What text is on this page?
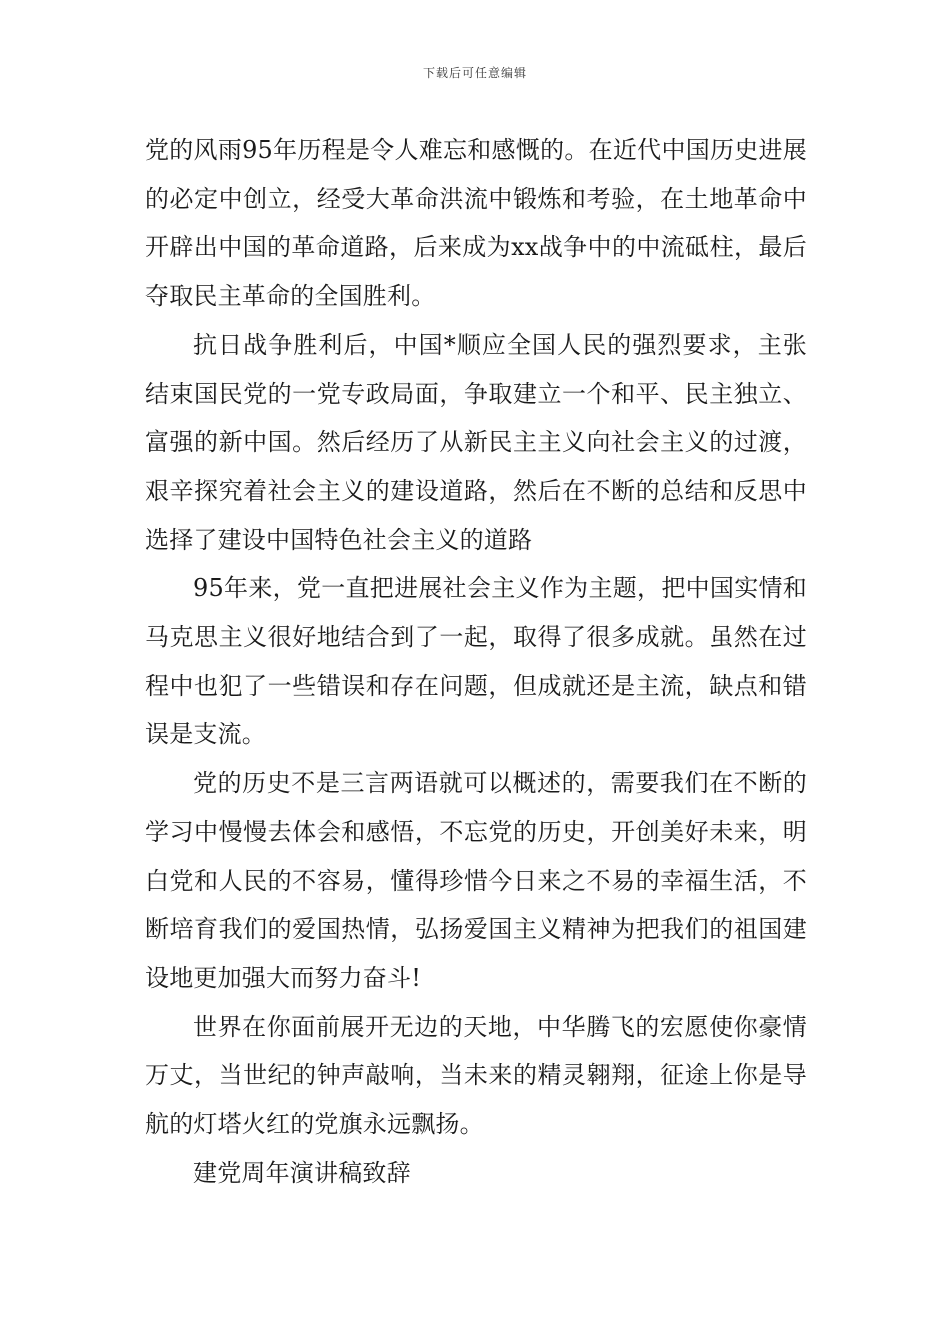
下载后可任意编辑

党的风雨95年历程是令人难忘和感慨的。在近代中国历史进展的必定中创立，经受大革命洪流中锻炼和考验，在土地革命中开辟出中国的革命道路，后来成为xx战争中的中流砥柱，最后夺取民主革命的全国胜利。

抗日战争胜利后，中国*顺应全国人民的强烈要求，主张结束国民党的一党专政局面，争取建立一个和平、民主独立、富强的新中国。然后经历了从新民主主义向社会主义的过渡，艰辛探究着社会主义的建设道路，然后在不断的总结和反思中选择了建设中国特色社会主义的道路

95年来，党一直把进展社会主义作为主题，把中国实情和马克思主义很好地结合到了一起，取得了很多成就。虽然在过程中也犯了一些错误和存在问题，但成就还是主流，缺点和错误是支流。

党的历史不是三言两语就可以概述的，需要我们在不断的学习中慢慢去体会和感悟，不忘党的历史，开创美好未来，明白党和人民的不容易，懂得珍惜今日来之不易的幸福生活，不断培育我们的爱国热情，弘扬爱国主义精神为把我们的祖国建设地更加强大而努力奋斗!

世界在你面前展开无边的天地，中华腾飞的宏愿使你豪情万丈，当世纪的钟声敲响，当未来的精灵翱翔，征途上你是导航的灯塔火红的党旗永远飘扬。

建党周年演讲稿致辞
